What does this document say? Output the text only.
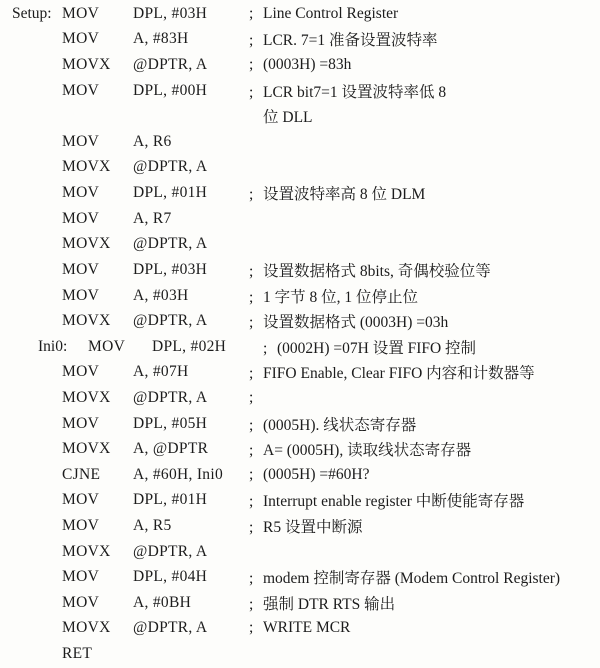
Setup: MOV	DPL, #03H	; Line Control Register
MOV	A, #83H	; LCR. 7=1 准备设置波特率
MOVX	@DPTR, A	; (0003H) =83h
MOV	DPL, #00H	; LCR bit7=1 设置波特率低 8
位 DLL
MOV	A, R6
MOVX	@DPTR, A
MOV	DPL, #01H	; 设置波特率高 8 位 DLM
MOV	A, R7
MOVX	@DPTR, A
MOV	DPL, #03H	; 设置数据格式 8bits, 奇偶校验位等
MOV	A, #03H	; 1 字节 8 位, 1 位停止位
MOVX	@DPTR, A	; 设置数据格式 (0003H) =03h
Ini0:	MOV	DPL, #02H	; (0002H) =07H 设置 FIFO 控制
MOV	A, #07H	; FIFO Enable, Clear FIFO 内容和计数器等
MOVX	@DPTR, A	;
MOV	DPL, #05H	; (0005H). 线状态寄存器
MOVX	A, @DPTR	; A= (0005H), 读取线状态寄存器
CJNE	A, #60H, Ini0	; (0005H) =#60H?
MOV	DPL, #01H	; Interrupt enable register 中断使能寄存器
MOV	A, R5	; R5 设置中断源
MOVX	@DPTR, A
MOV	DPL, #04H	; modem 控制寄存器 (Modem Control Register)
MOV	A, #0BH	; 强制 DTR RTS 输出
MOVX	@DPTR, A	; WRITE MCR
RET
